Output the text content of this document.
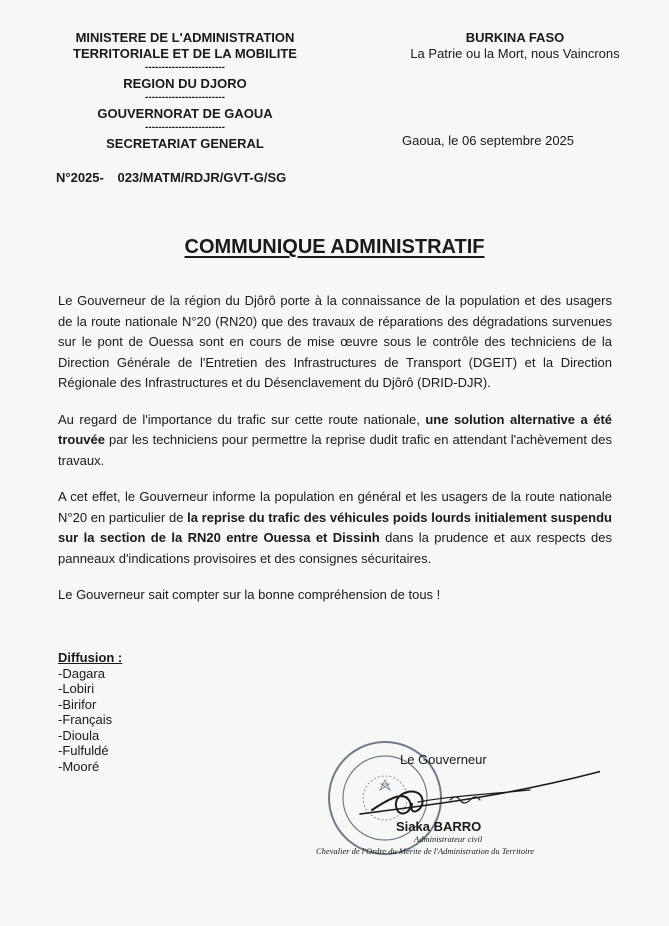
MINISTERE DE L'ADMINISTRATION
TERRITORIALE ET DE LA MOBILITE
------------------------
REGION DU DJORO
------------------------
GOUVERNORAT DE GAOUA
------------------------
SECRETARIAT GENERAL
BURKINA FASO
La Patrie ou la Mort, nous Vaincrons
Gaoua, le 06 septembre 2025
N°2025- 023/MATM/RDJR/GVT-G/SG
COMMUNIQUE ADMINISTRATIF

Le Gouverneur de la région du Djôrô porte à la connaissance de la population et des usagers de la route nationale N°20 (RN20) que des travaux de réparations des dégradations survenues sur le pont de Ouessa sont en cours de mise œuvre sous le contrôle des techniciens de la Direction Générale de l'Entretien des Infrastructures de Transport (DGEIT) et la Direction Régionale des Infrastructures et du Désenclavement du Djôrô (DRID-DJR).

Au regard de l'importance du trafic sur cette route nationale, une solution alternative a été trouvée par les techniciens pour permettre la reprise dudit trafic en attendant l'achèvement des travaux.

A cet effet, le Gouverneur informe la population en général et les usagers de la route nationale N°20 en particulier de la reprise du trafic des véhicules poids lourds initialement suspendu sur la section de la RN20 entre Ouessa et Dissinh dans la prudence et aux respects des panneaux d'indications provisoires et des consignes sécuritaires.

Le Gouverneur sait compter sur la bonne compréhension de tous !

Diffusion :
-Dagara
-Lobiri
-Birifor
-Français
-Dioula
-Fulfuldé
-Mooré	Le Gouverneur
Siaka BARRO
Administrateur civil
Chevalier de l'Ordre du Mérite de l'Administration du Territoire
